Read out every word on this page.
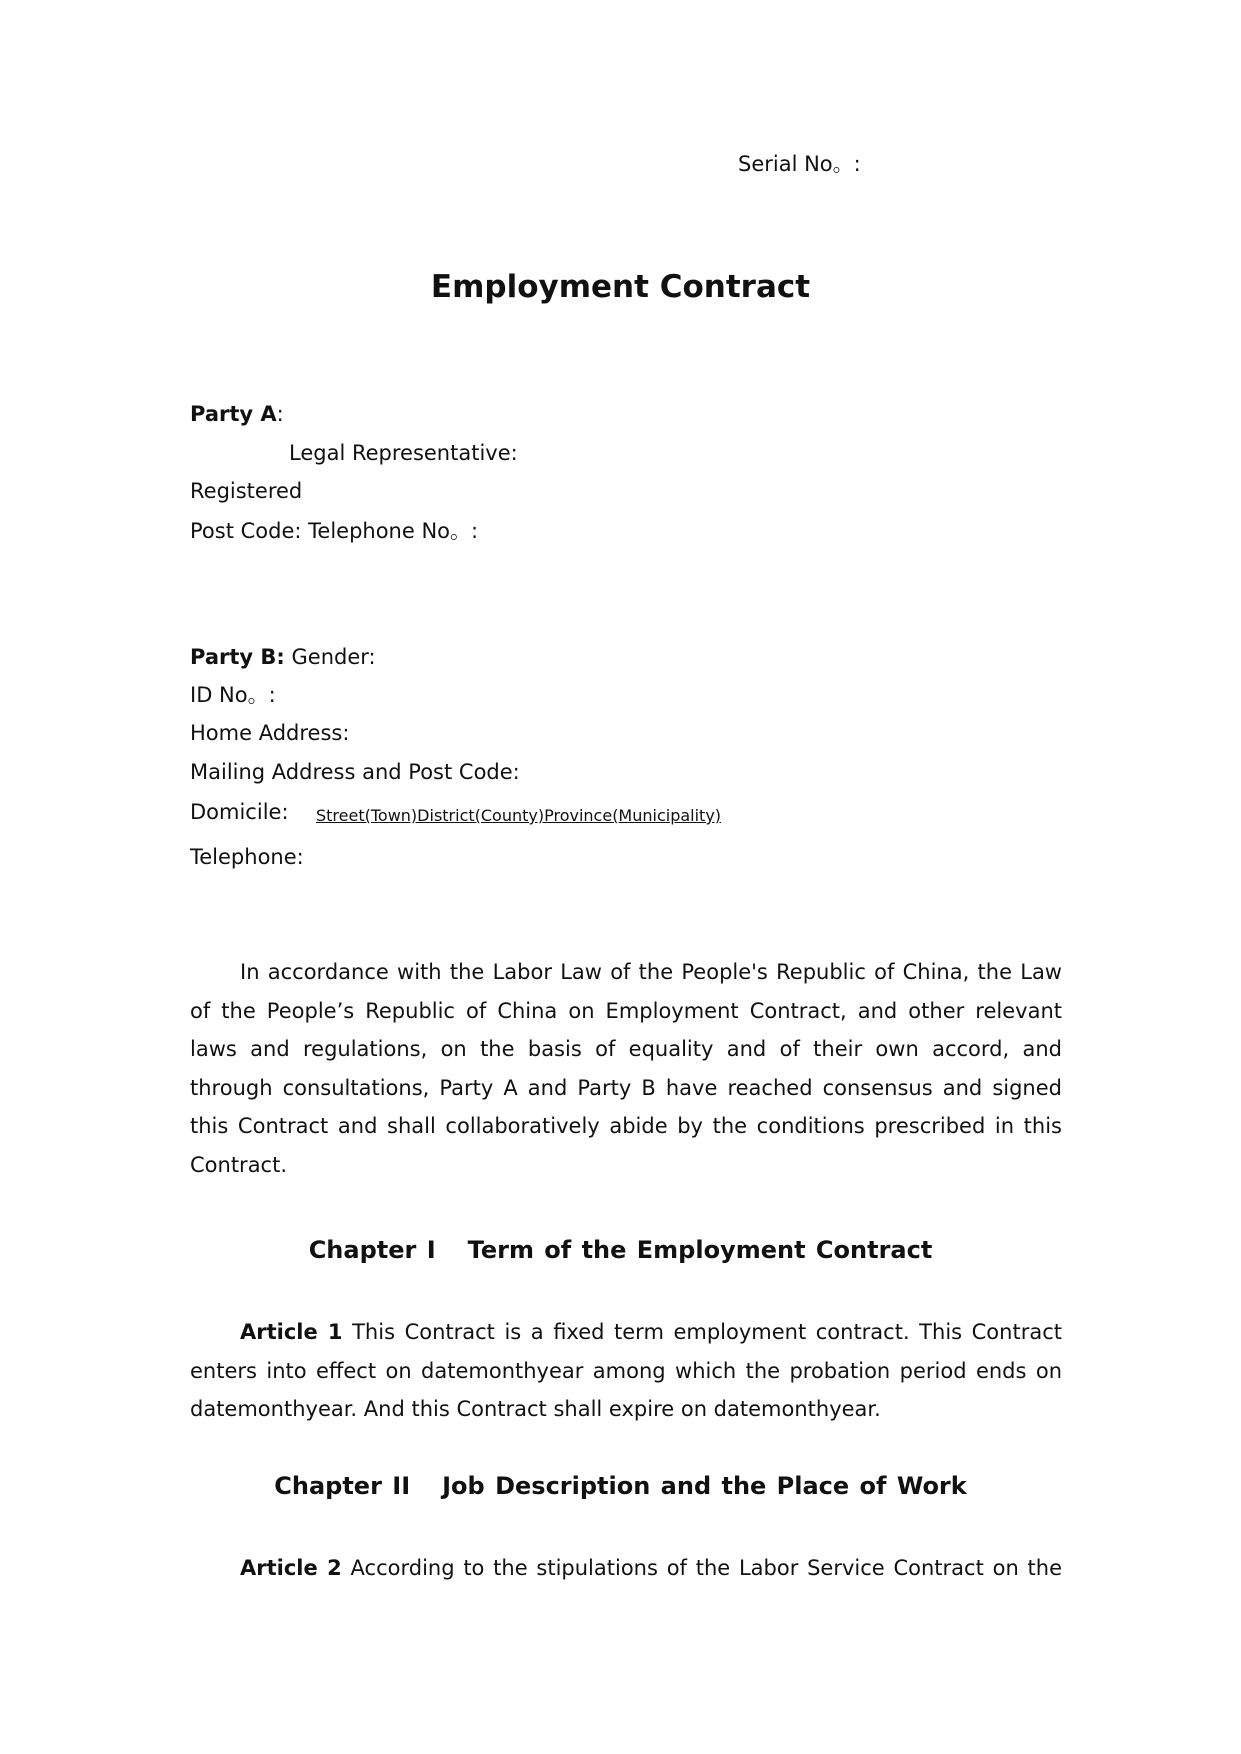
Serial No。:
Employment Contract
Party A:
Legal Representative:
Registered
Post Code: Telephone No。:
Party B: Gender:
ID No。:
Home Address:
Mailing Address and Post Code:
Domicile: Street(Town)District(County)Province(Municipality)
Telephone:
In accordance with the Labor Law of the People's Republic of China, the Law of the People’s Republic of China on Employment Contract, and other relevant laws and regulations, on the basis of equality and of their own accord, and through consultations, Party A and Party B have reached consensus and signed this Contract and shall collaboratively abide by the conditions prescribed in this Contract.
Chapter I Term of the Employment Contract
Article 1 This Contract is a fixed term employment contract. This Contract enters into effect on datemonthyear among which the probation period ends on datemonthyear. And this Contract shall expire on datemonthyear.
Chapter II Job Description and the Place of Work
Article 2 According to the stipulations of the Labor Service Contract on the
